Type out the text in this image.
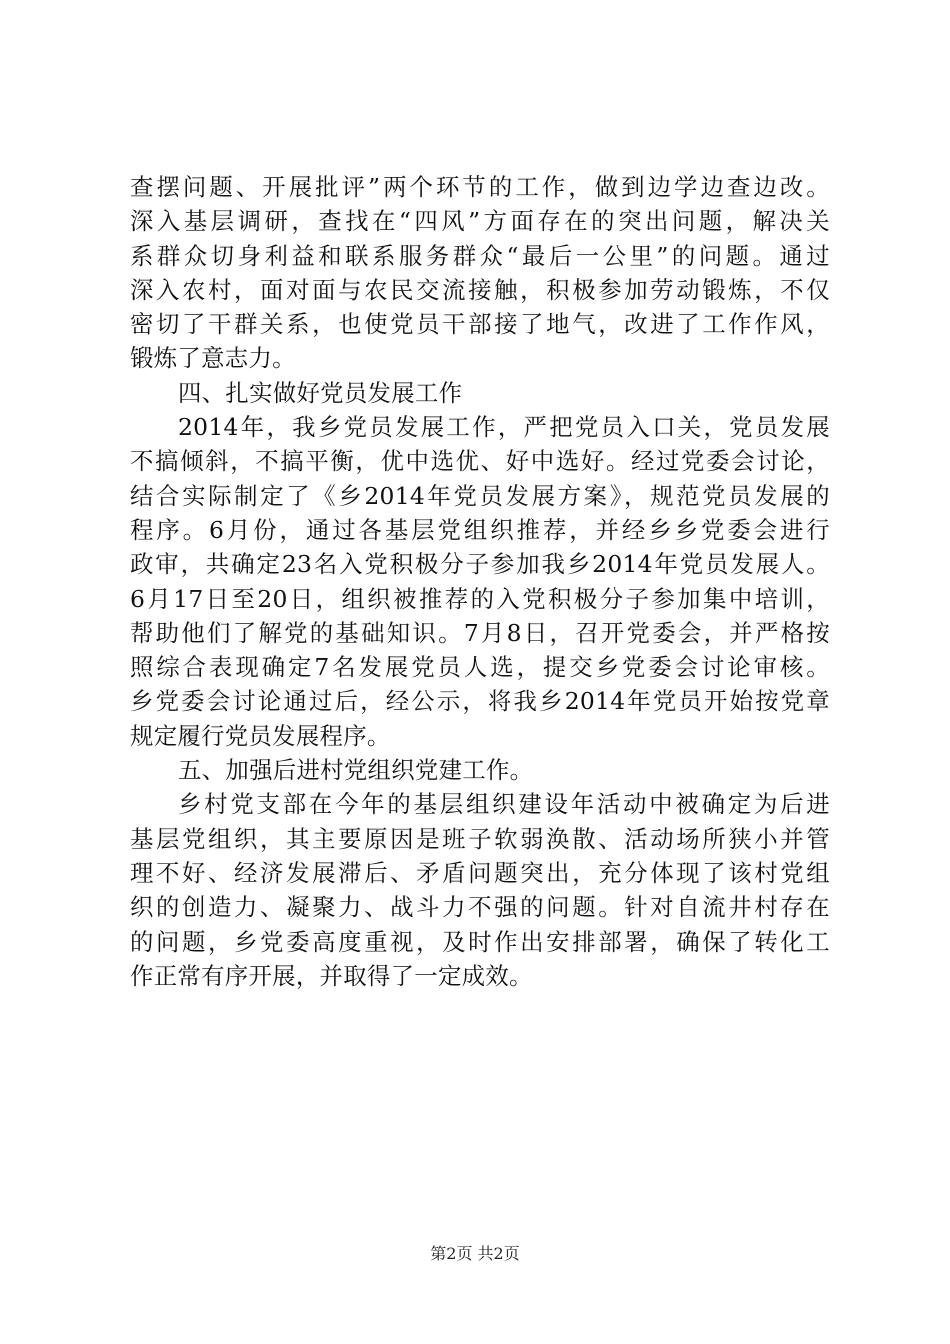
查摆问题、开展批评”两个环节的工作，做到边学边查边改。
深入基层调研，查找在“四风”方面存在的突出问题，解决关
系群众切身利益和联系服务群众“最后一公里”的问题。通过
深入农村，面对面与农民交流接触，积极参加劳动锻炼，不仅
密切了干群关系，也使党员干部接了地气，改进了工作作风，
锻炼了意志力。
四、扎实做好党员发展工作
2014年，我乡党员发展工作，严把党员入口关，党员发展
不搞倾斜，不搞平衡，优中选优、好中选好。经过党委会讨论，
结合实际制定了《乡2014年党员发展方案》，规范党员发展的
程序。6月份，通过各基层党组织推荐，并经乡乡党委会进行
政审，共确定23名入党积极分子参加我乡2014年党员发展人。
6月17日至20日，组织被推荐的入党积极分子参加集中培训，
帮助他们了解党的基础知识。7月8日，召开党委会，并严格按
照综合表现确定7名发展党员人选，提交乡党委会讨论审核。
乡党委会讨论通过后，经公示，将我乡2014年党员开始按党章
规定履行党员发展程序。
五、加强后进村党组织党建工作。
乡村党支部在今年的基层组织建设年活动中被确定为后进
基层党组织，其主要原因是班子软弱涣散、活动场所狭小并管
理不好、经济发展滞后、矛盾问题突出，充分体现了该村党组
织的创造力、凝聚力、战斗力不强的问题。针对自流井村存在
的问题，乡党委高度重视，及时作出安排部署，确保了转化工
作正常有序开展，并取得了一定成效。
第2页 共2页
